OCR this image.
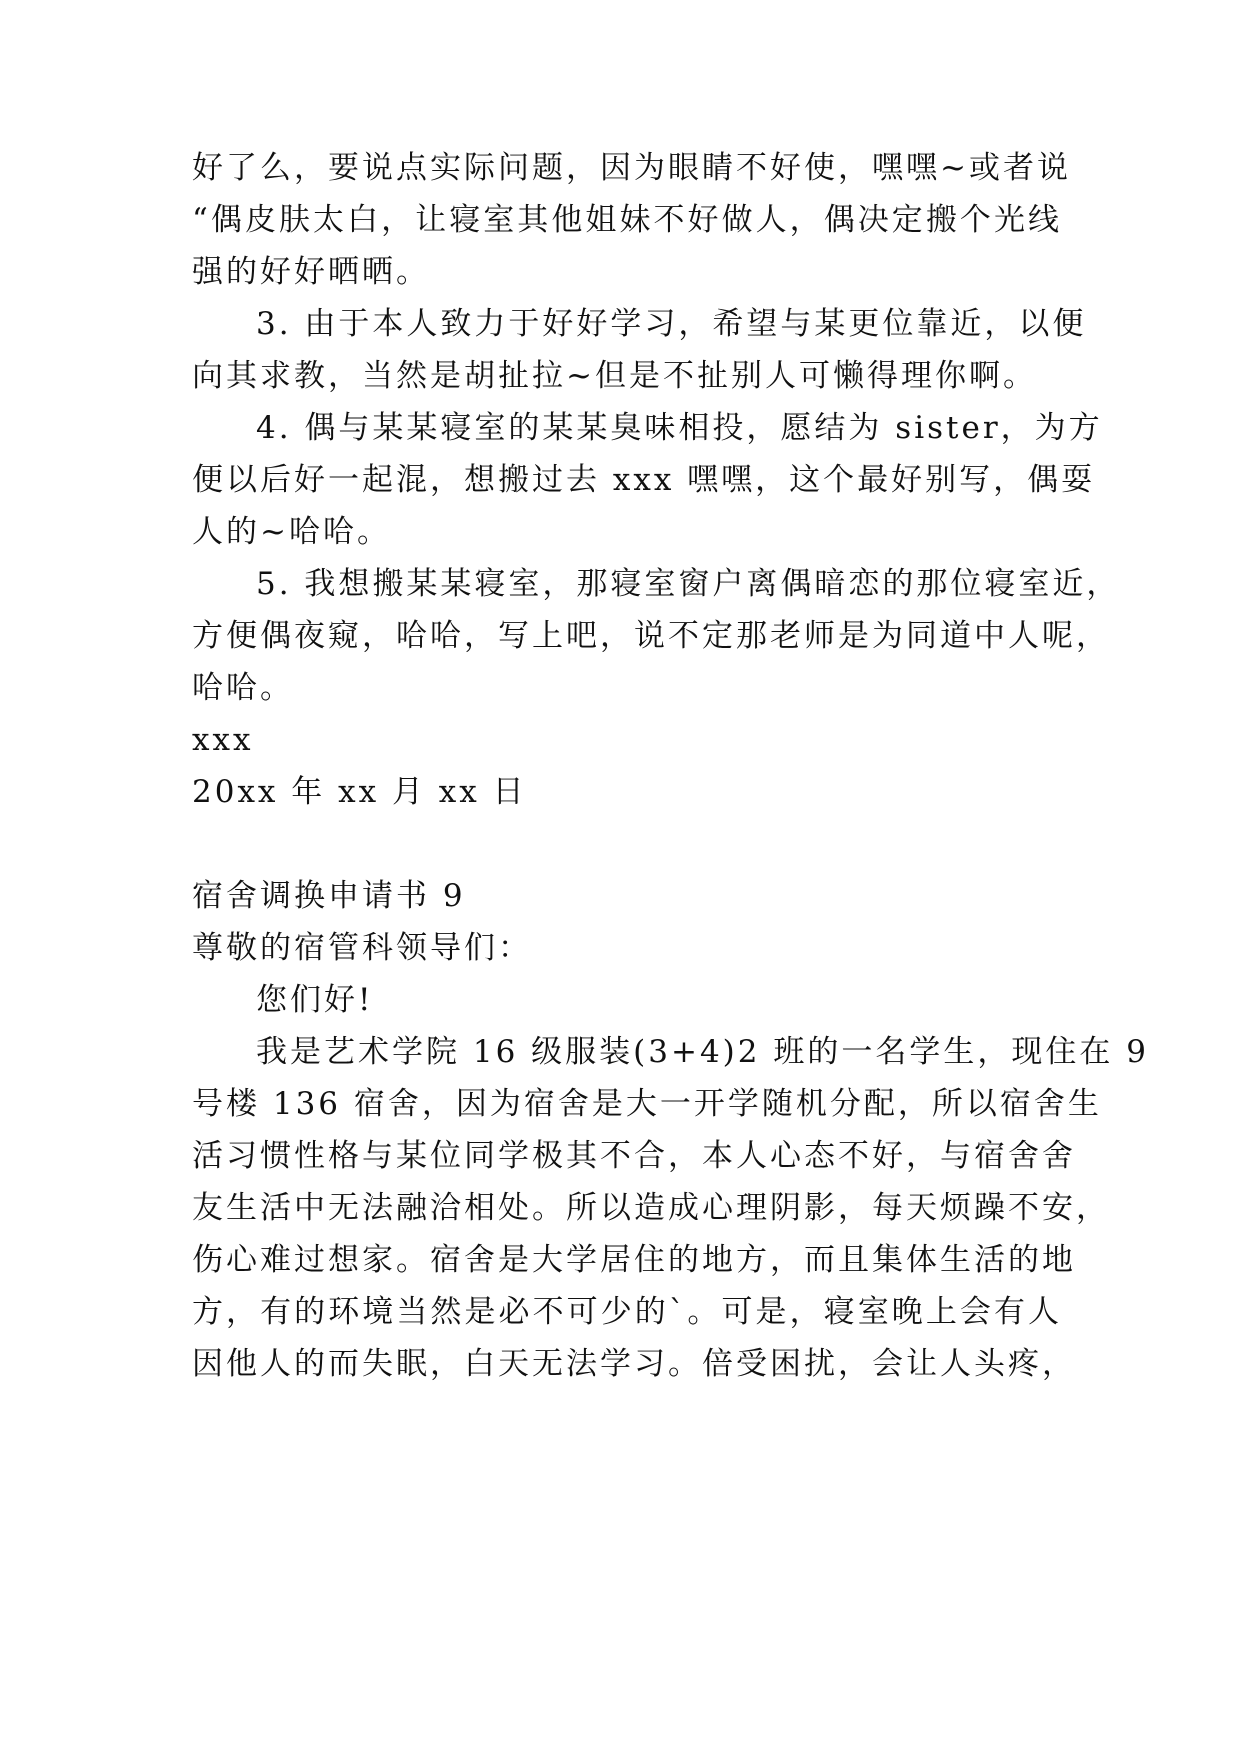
好了么，要说点实际问题，因为眼睛不好使，嘿嘿~或者说
“偶皮肤太白，让寝室其他姐妹不好做人，偶决定搬个光线
强的好好晒晒。
3. 由于本人致力于好好学习，希望与某更位靠近，以便
向其求教，当然是胡扯拉~但是不扯别人可懒得理你啊。
4. 偶与某某寝室的某某臭味相投，愿结为 sister，为方
便以后好一起混，想搬过去 xxx 嘿嘿，这个最好别写，偶耍
人的~哈哈。
5. 我想搬某某寝室，那寝室窗户离偶暗恋的那位寝室近，
方便偶夜窥，哈哈，写上吧，说不定那老师是为同道中人呢，
哈哈。
xxx
20xx 年 xx 月 xx 日
宿舍调换申请书 9
尊敬的宿管科领导们：
您们好!
我是艺术学院 16 级服装(3+4)2 班的一名学生，现住在 9
号楼 136 宿舍，因为宿舍是大一开学随机分配，所以宿舍生
活习惯性格与某位同学极其不合，本人心态不好，与宿舍舍
友生活中无法融洽相处。所以造成心理阴影，每天烦躁不安，
伤心难过想家。宿舍是大学居住的地方，而且集体生活的地
方，有的环境当然是必不可少的`。可是，寝室晚上会有人
因他人的而失眠，白天无法学习。倍受困扰，会让人头疼，
